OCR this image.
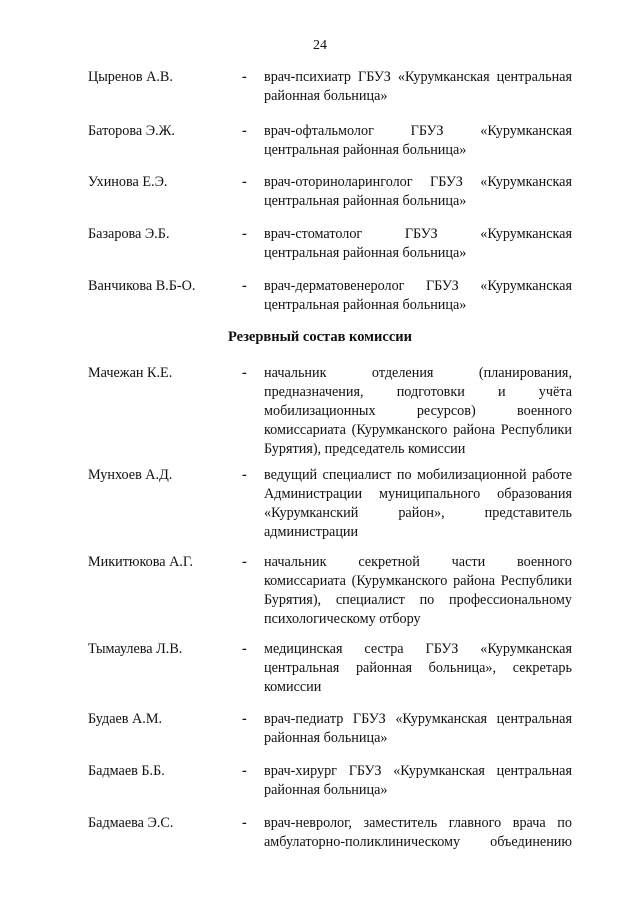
24
Цыренов А.В.	- врач-психиатр ГБУЗ «Курумканская центральная районная больница»
Баторова Э.Ж.	- врач-офтальмолог ГБУЗ «Курумканская центральная районная больница»
Ухинова Е.Э.	- врач-оториноларинголог ГБУЗ «Курумканская центральная районная больница»
Базарова Э.Б.	- врач-стоматолог ГБУЗ «Курумканская центральная районная больница»
Ванчикова В.Б-О.	- врач-дерматовенеролог ГБУЗ «Курумканская центральная районная больница»
Резервный состав комиссии
Мачежан К.Е.	- начальник отделения (планирования, предназначения, подготовки и учёта мобилизационных ресурсов) военного комиссариата (Курумканского района Республики Бурятия), председатель комиссии
Мунхоев А.Д.	- ведущий специалист по мобилизационной работе Администрации муниципального образования «Курумканский район», представитель администрации
Микитюкова А.Г.	- начальник секретной части военного комиссариата (Курумканского района Республики Бурятия), специалист по профессиональному психологическому отбору
Тымаулева Л.В.	- медицинская сестра ГБУЗ «Курумканская центральная районная больница», секретарь комиссии
Будаев А.М.	- врач-педиатр ГБУЗ «Курумканская центральная районная больница»
Бадмаев Б.Б.	- врач-хирург ГБУЗ «Курумканская центральная районная больница»
Бадмаева Э.С.	- врач-невролог, заместитель главного врача по амбулаторно-поликлиническому объединению
